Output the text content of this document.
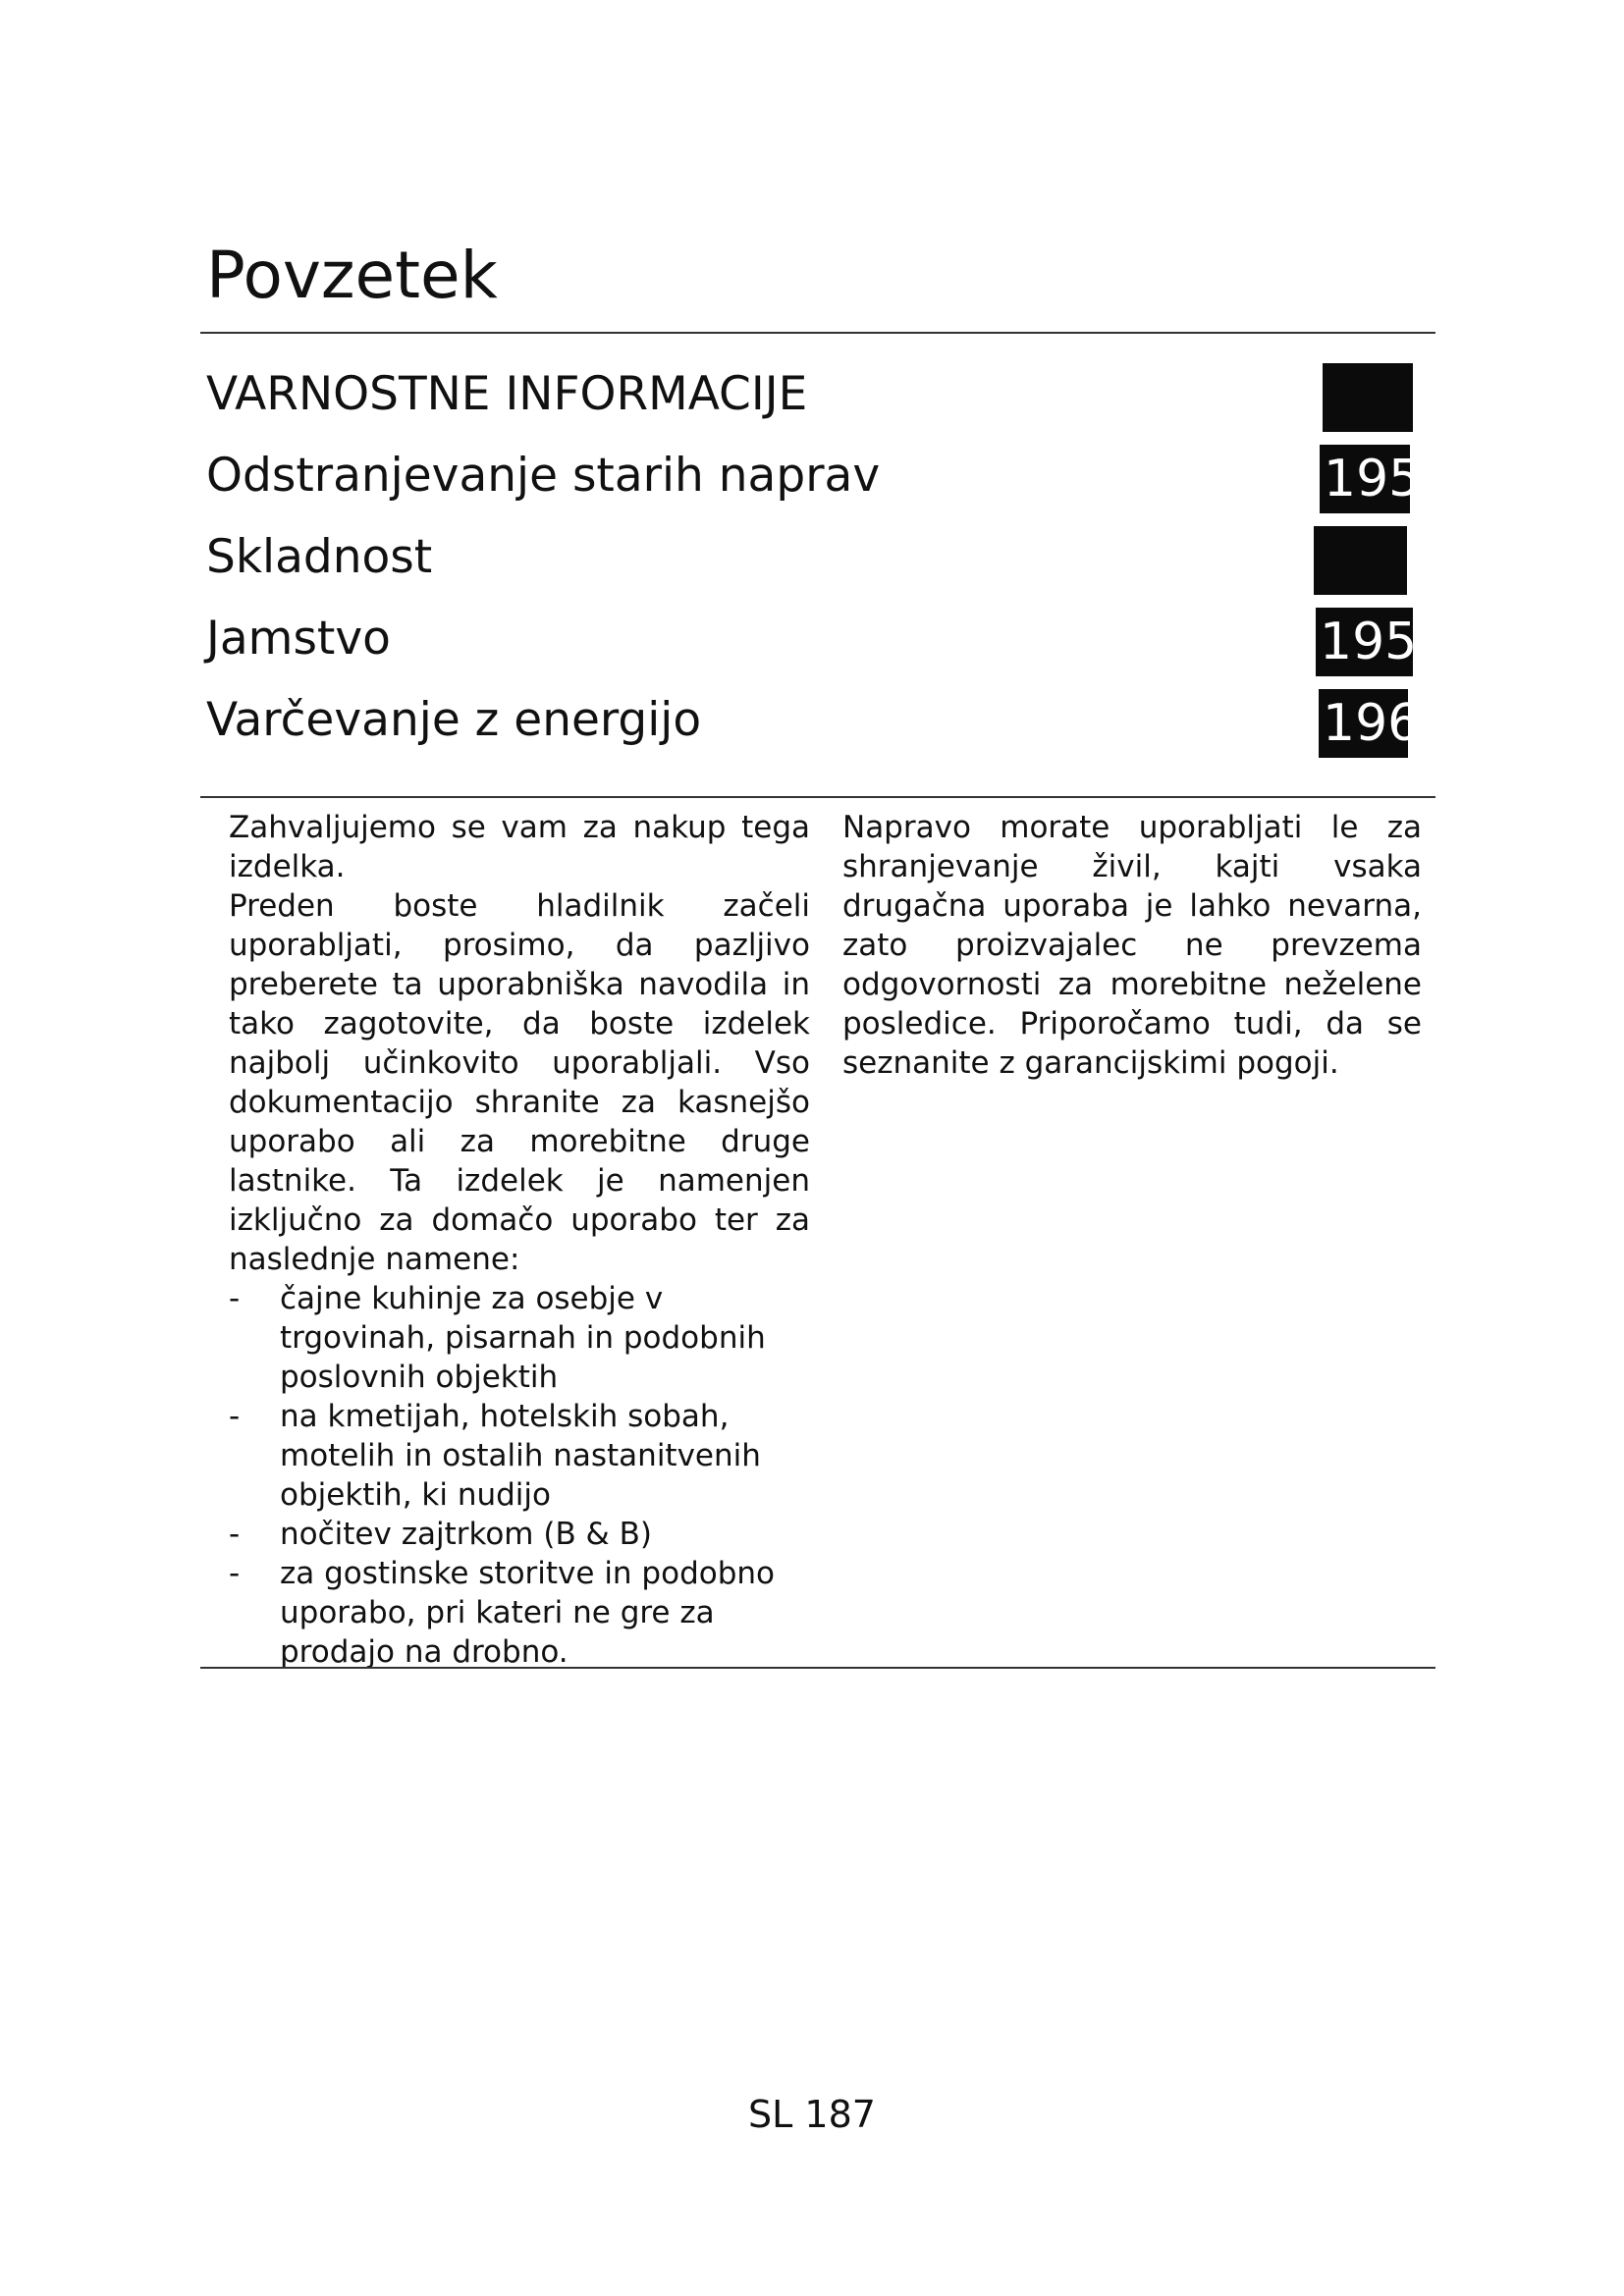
Povzetek
VARNOSTNE INFORMACIJE
Odstranjevanje starih naprav	195
Skladnost
Jamstvo	195
Varčevanje z energijo	196

Zahvaljujemo se vam za nakup tega izdelka.

Preden boste hladilnik začeli uporabljati, prosimo, da pazljivo preberete ta uporabniška navodila in tako zagotovite, da boste izdelek najbolj učinkovito uporabljali. Vso dokumentacijo shranite za kasnejšo uporabo ali za morebitne druge lastnike. Ta izdelek je namenjen izključno za domačo uporabo ter za naslednje namene:

- čajne kuhinje za osebje v trgovinah, pisarnah in podobnih poslovnih objektih
- na kmetijah, hotelskih sobah, motelih in ostalih nastanitvenih objektih, ki nudijo
- nočitev zajtrkom (B & B)
- za gostinske storitve in podobno uporabo, pri kateri ne gre za prodajo na drobno.

Napravo morate uporabljati le za shranjevanje živil, kajti vsaka drugačna uporaba je lahko nevarna, zato proizvajalec ne prevzema odgovornosti za morebitne neželene posledice. Priporočamo tudi, da se seznanite z garancijskimi pogoji.

SL 187
